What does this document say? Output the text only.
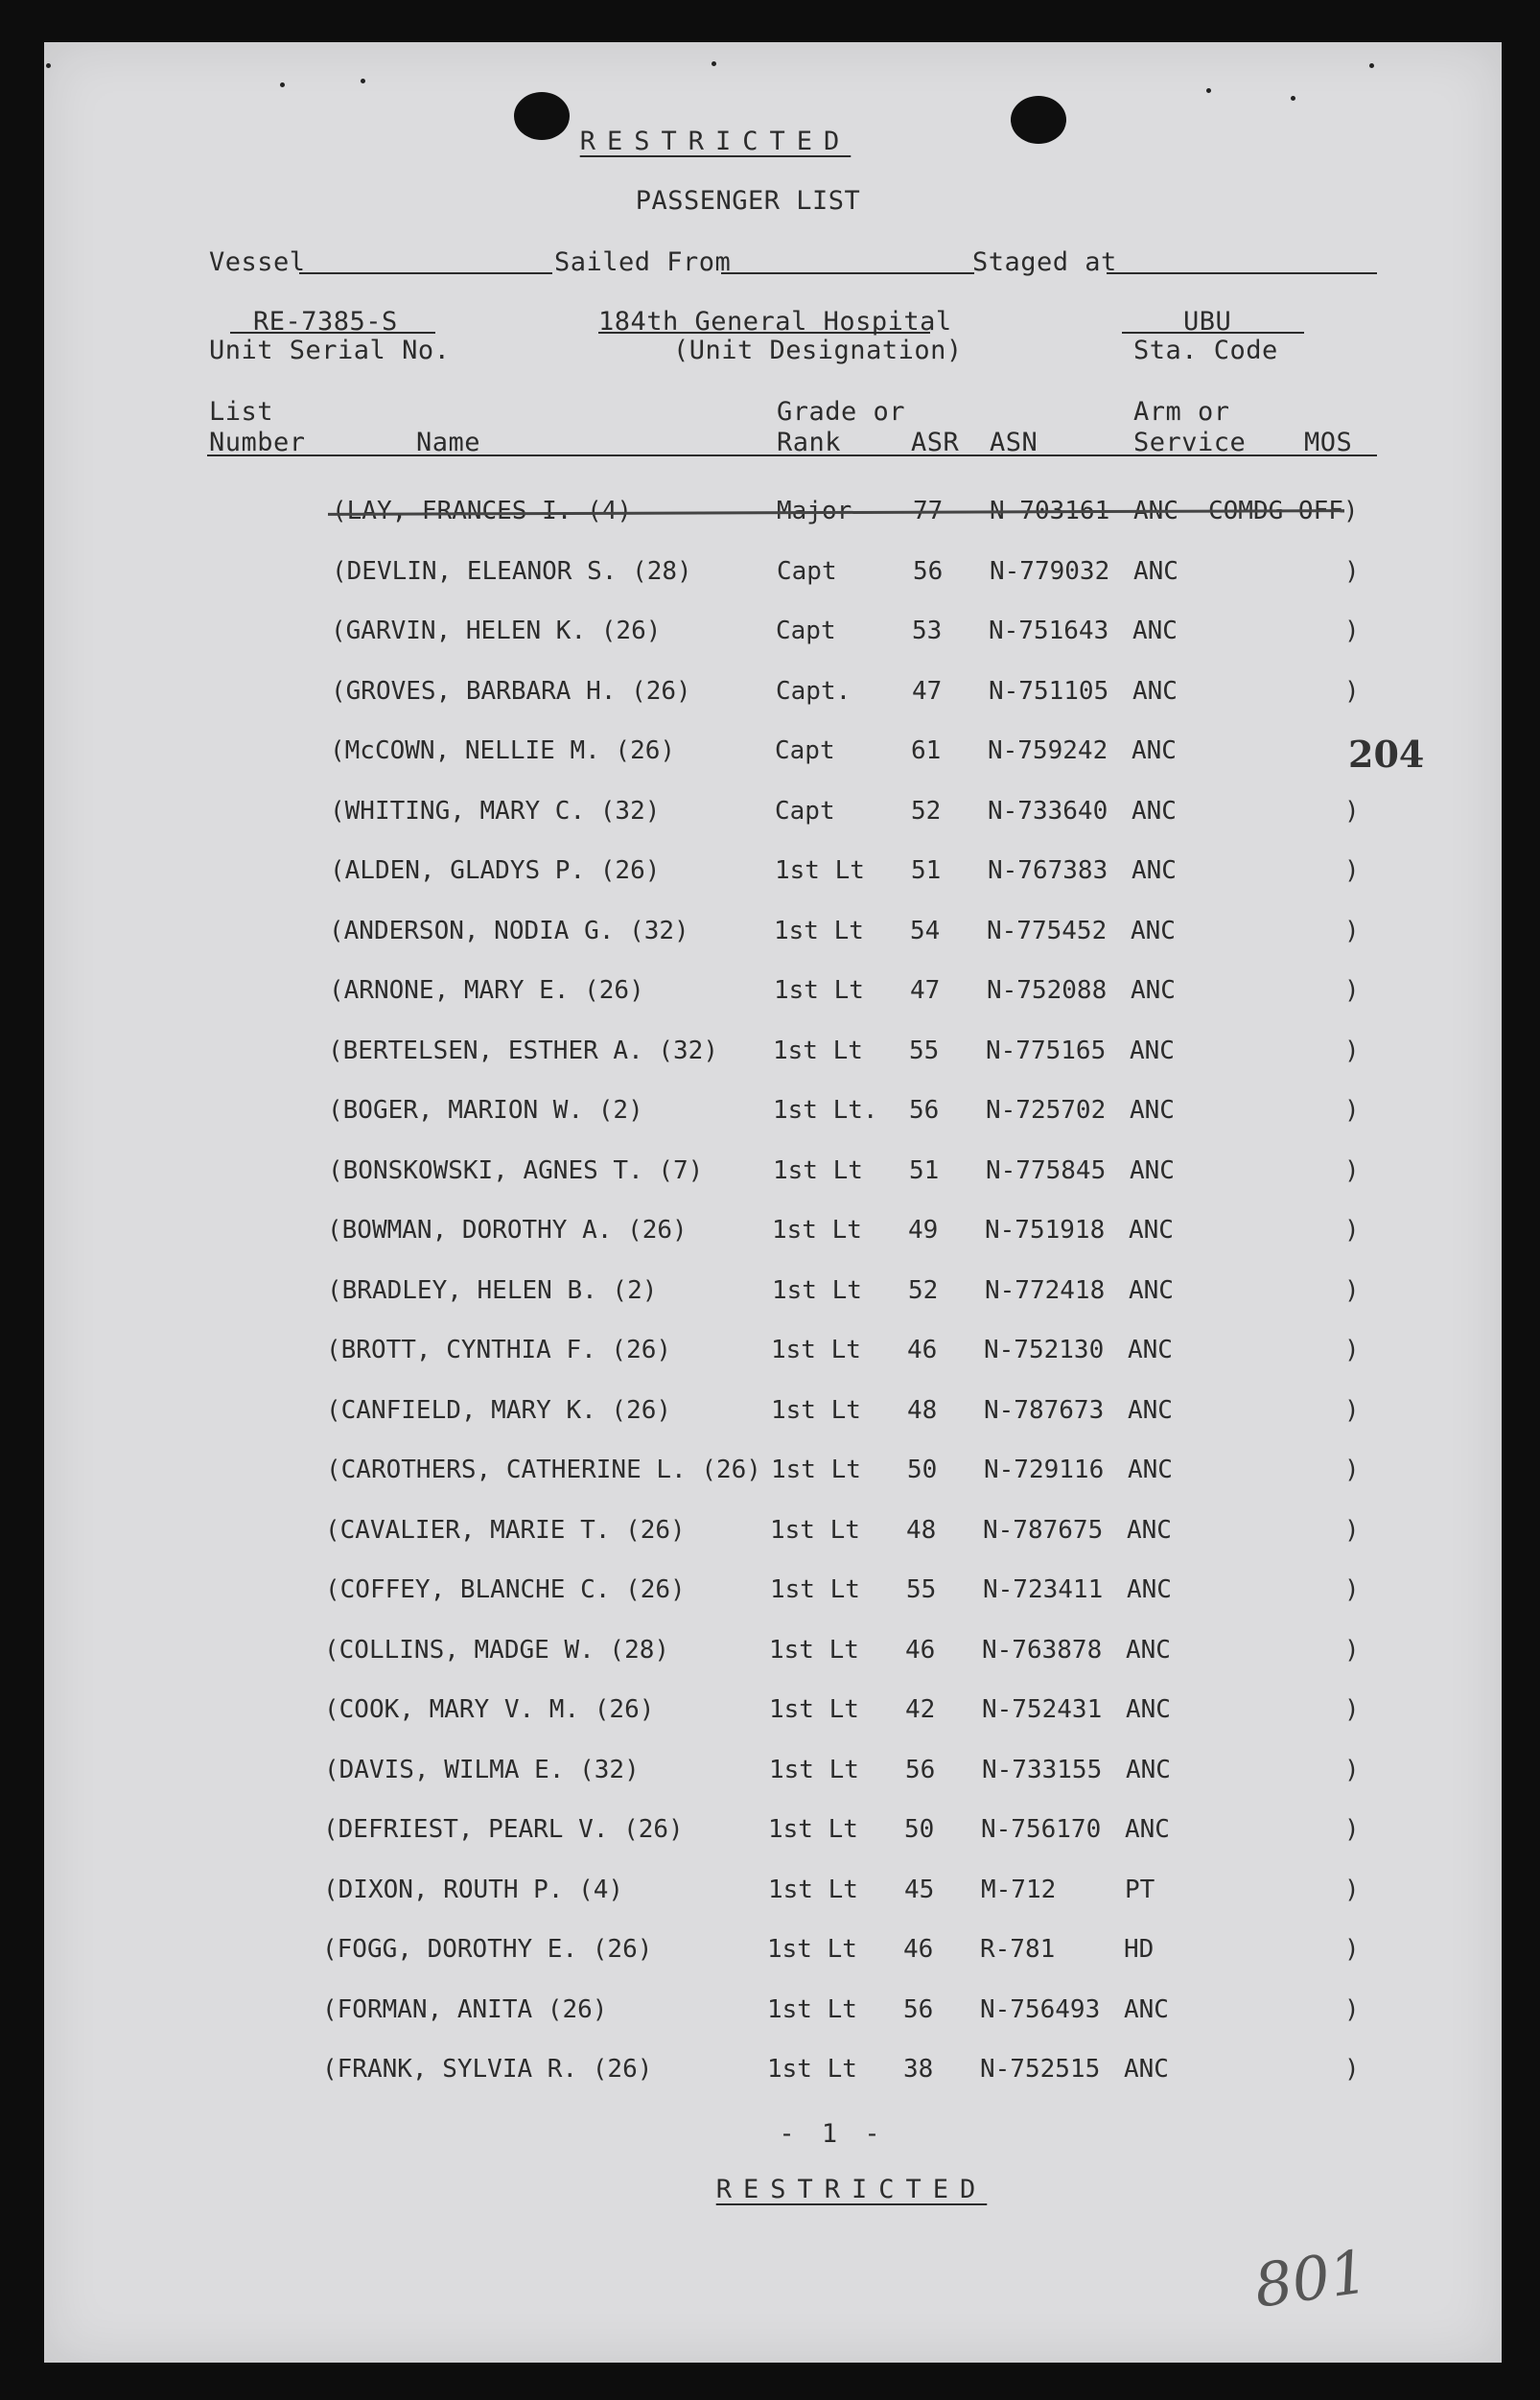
RESTRICTED
PASSENGER LIST
Vessel	Sailed From	Staged at
RE-7385-S
Unit Serial No.
184th General Hospital
(Unit Designation)
UBU
Sta. Code
List
Number	Name
Grade or
Rank	ASR ASN
Arm or
Service MOS
(LAY, FRANCES I. (4)	Major 77 N-703161 ANC COMDG OFF)
(DEVLIN, ELEANOR S. (28)	Capt	56 N-779032 ANC	)
(GARVIN, HELEN K. (26)	Capt	53 N-751643 ANC	)
(GROVES, BARBARA H. (26)	Capt. 47 N-751105 ANC	)
(McCOWN, NELLIE M. (26)	Capt	61 N-759242 ANC	204
(WHITING, MARY C. (32)	Capt	52 N-733640 ANC	)
(ALDEN, GLADYS P. (26)	1st Lt 51 N-767383 ANC	)
(ANDERSON, NODIA G. (32)	1st Lt 54 N-775452 ANC	)
(ARNONE, MARY E. (26)	1st Lt 47 N-752088 ANC	)
(BERTELSEN, ESTHER A. (32) 1st Lt 55 N-775165 ANC	)
(BOGER, MARION W. (2)	1st Lt. 56 N-725702 ANC	)
(BONSKOWSKI, AGNES T. (7)	1st Lt 51 N-775845 ANC	)
(BOWMAN, DOROTHY A. (26)	1st Lt 49 N-751918 ANC	)
(BRADLEY, HELEN B. (2)	1st Lt 52 N-772418 ANC	)
(BROTT, CYNTHIA F. (26)	1st Lt 46 N-752130 ANC	)
(CANFIELD, MARY K. (26)	1st Lt 48 N-787673 ANC	)
(CAROTHERS, CATHERINE L. (26) 1st Lt 50 N-729116 ANC	)
(CAVALIER, MARIE T. (26)	1st Lt 48 N-787675 ANC	)
(COFFEY, BLANCHE C. (26)	1st Lt 55 N-723411 ANC	)
(COLLINS, MADGE W. (28)	1st Lt 46 N-763878 ANC	)
(COOK, MARY V. M. (26)	1st Lt 42 N-752431 ANC	)
(DAVIS, WILMA E. (32)	1st Lt 56 N-733155 ANC	)
(DEFRIEST, PEARL V. (26)	1st Lt 50 N-756170 ANC	)
(DIXON, ROUTH P. (4)	1st Lt 45 M-712	PT	)
(FOGG, DOROTHY E. (26)	1st Lt 46 R-781	HD	)
(FORMAN, ANITA (26)	1st Lt 56 N-756493 ANC	)
(FRANK, SYLVIA R. (26)	1st Lt 38 N-752515 ANC	)
- 1 -
RESTRICTED
801
